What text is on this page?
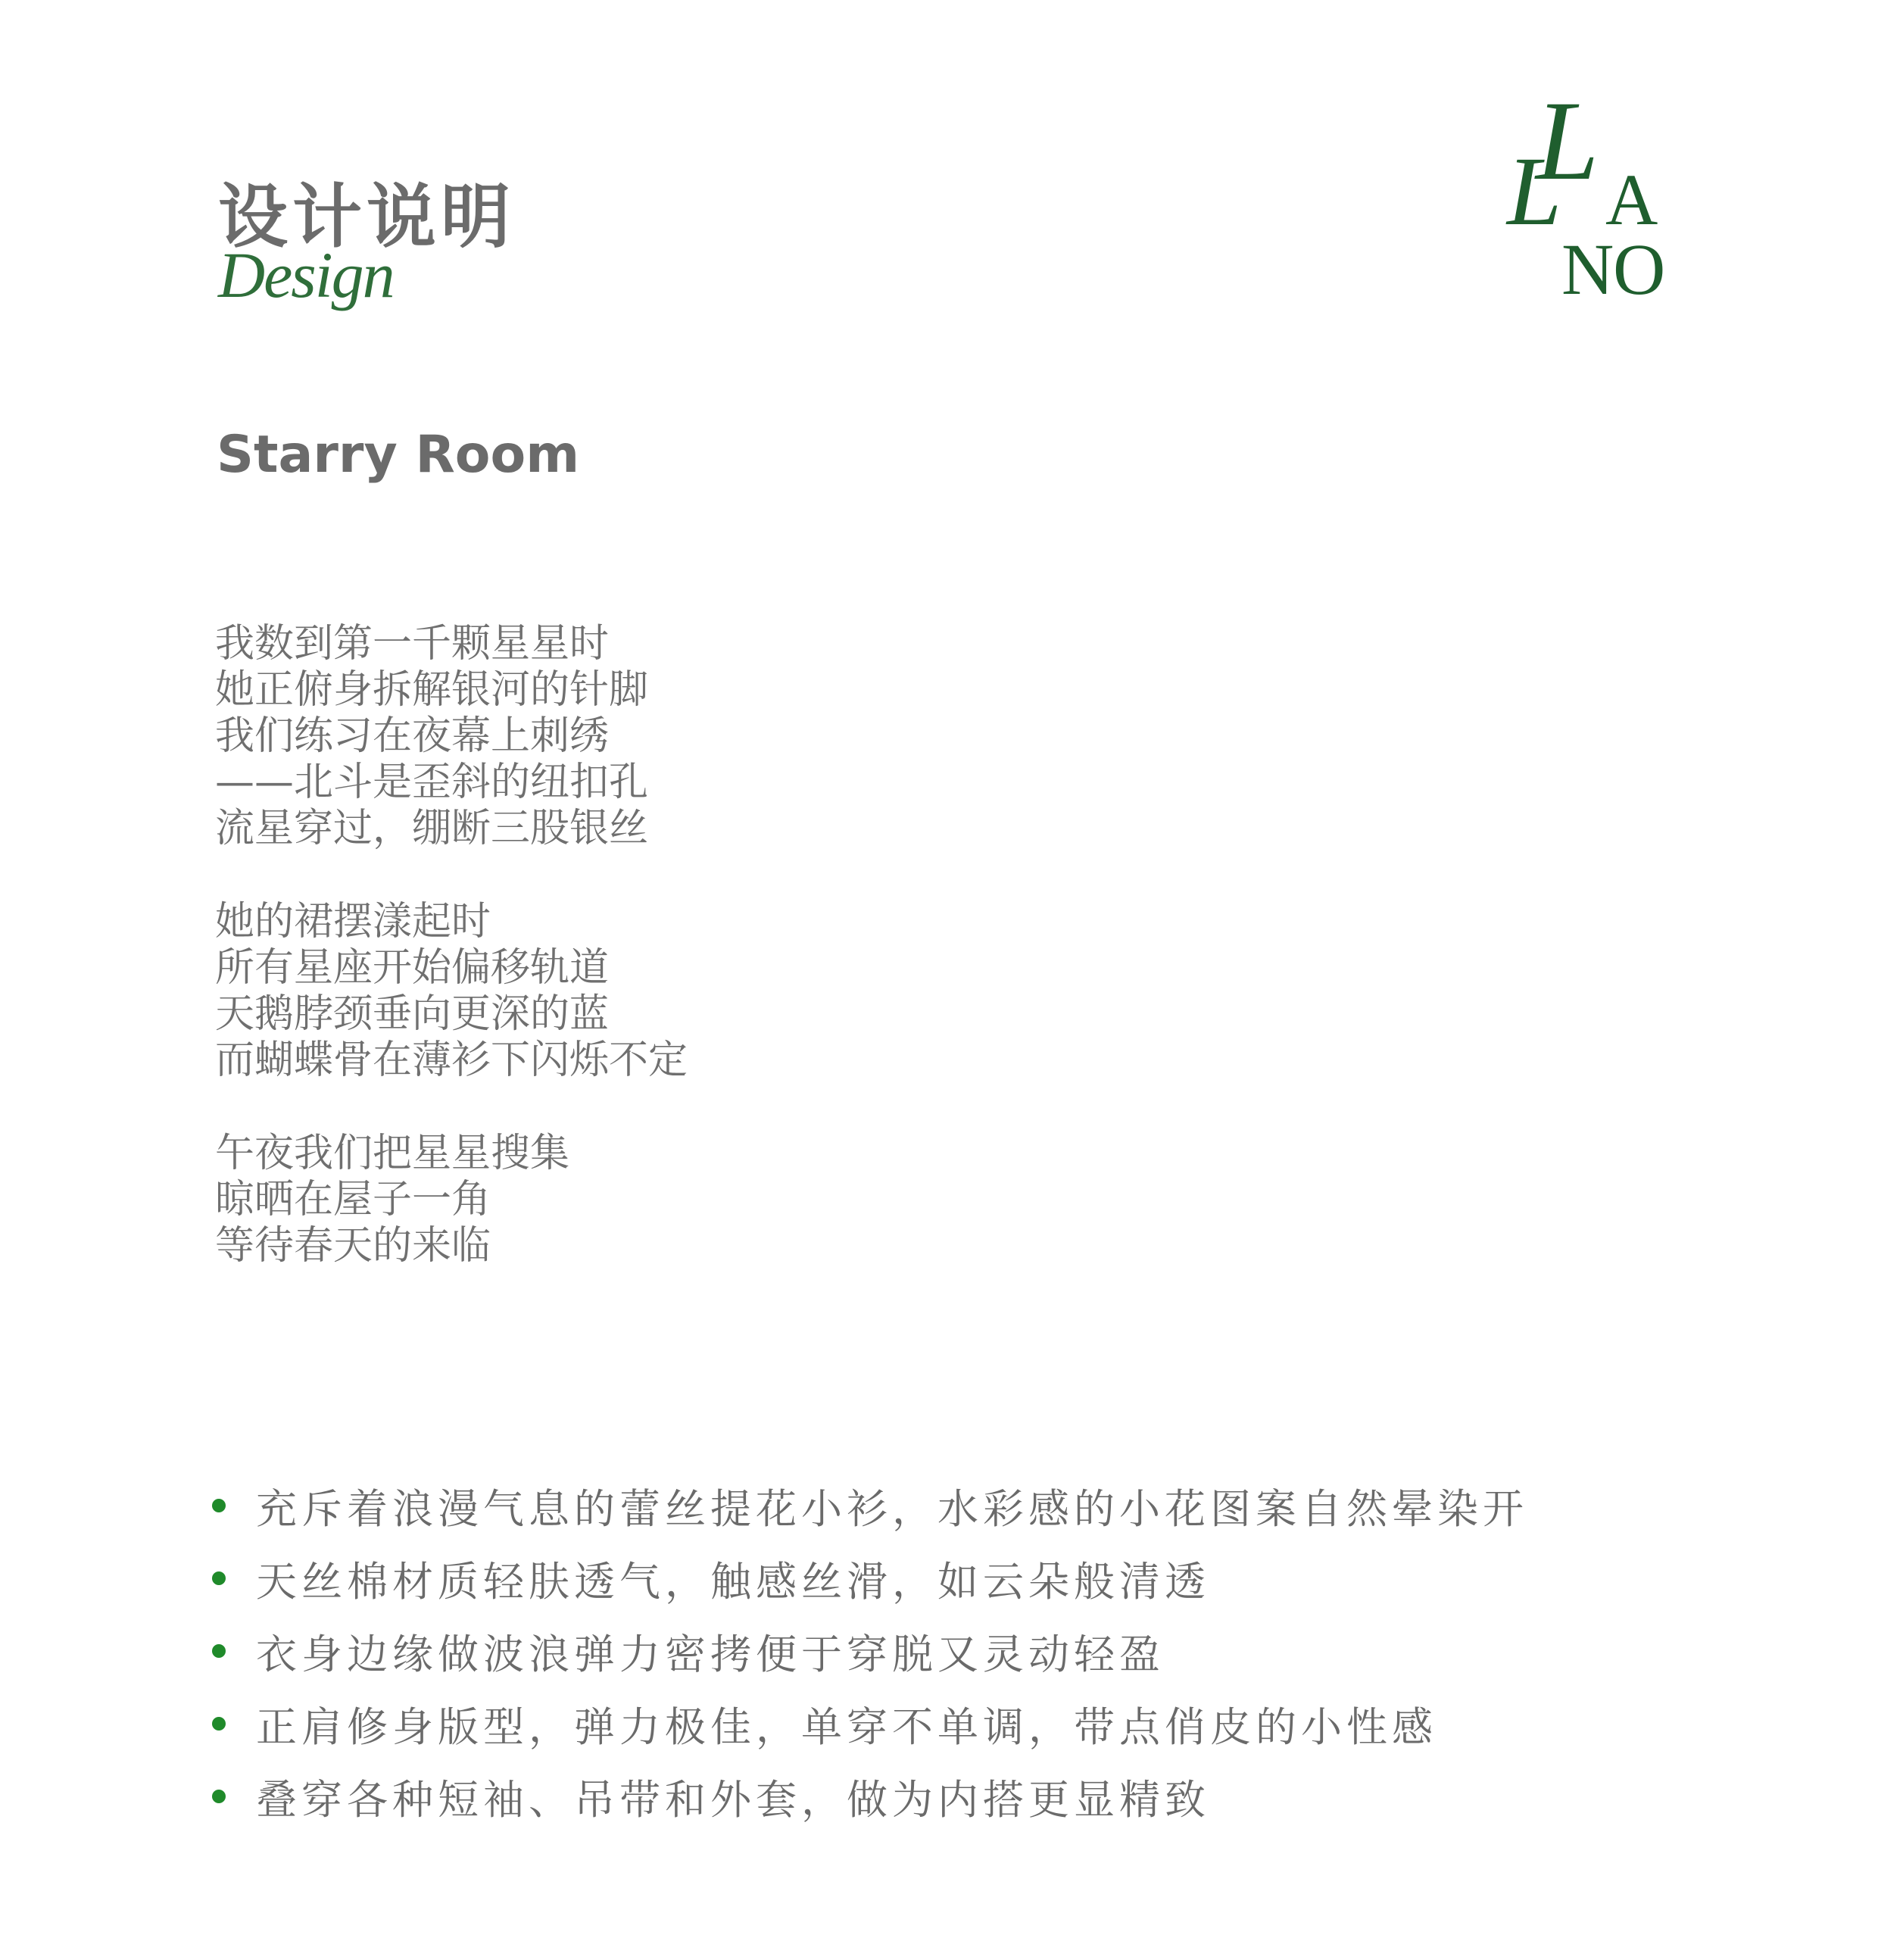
设计说明
Design
L
L A
N
O
Starry Room
我数到第一千颗星星时
她正俯身拆解银河的针脚
我们练习在夜幕上刺绣
——北斗是歪斜的纽扣孔
流星穿过，绷断三股银丝
她的裙摆漾起时
所有星座开始偏移轨道
天鹅脖颈垂向更深的蓝
而蝴蝶骨在薄衫下闪烁不定
午夜我们把星星搜集
晾晒在屋子一角
等待春天的来临
充斥着浪漫气息的蕾丝提花小衫，水彩感的小花图案自然晕染开
天丝棉材质轻肤透气，触感丝滑，如云朵般清透
衣身边缘做波浪弹力密拷便于穿脱又灵动轻盈
正肩修身版型，弹力极佳，单穿不单调，带点俏皮的小性感
叠穿各种短袖、吊带和外套，做为内搭更显精致
